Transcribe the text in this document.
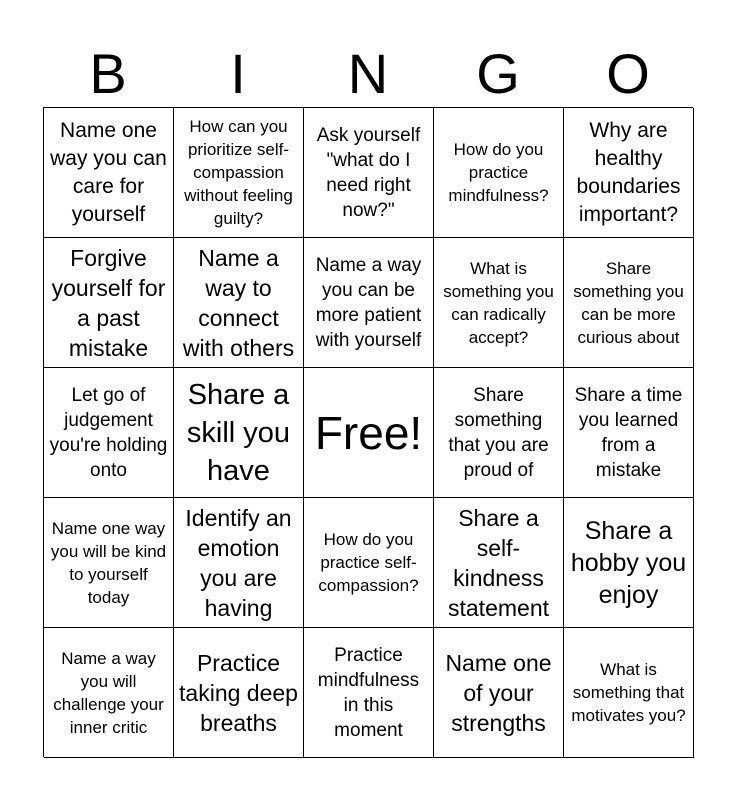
B	I	N	G	O
Name one way you can care for yourself
How can you prioritize self-compassion without feeling guilty?
Ask yourself "what do I need right now?"
How do you practice mindfulness?
Why are healthy boundaries important?
Forgive yourself for a past mistake
Name a way to connect with others
Name a way you can be more patient with yourself
What is something you can radically accept?
Share something you can be more curious about
Let go of judgement you're holding onto
Share a skill you have
Free!
Share something that you are proud of
Share a time you learned from a mistake
Name one way you will be kind to yourself today
Identify an emotion you are having
How do you practice self-compassion?
Share a self-kindness statement
Share a hobby you enjoy
Name a way you will challenge your inner critic
Practice taking deep breaths
Practice mindfulness in this moment
Name one of your strengths
What is something that motivates you?
